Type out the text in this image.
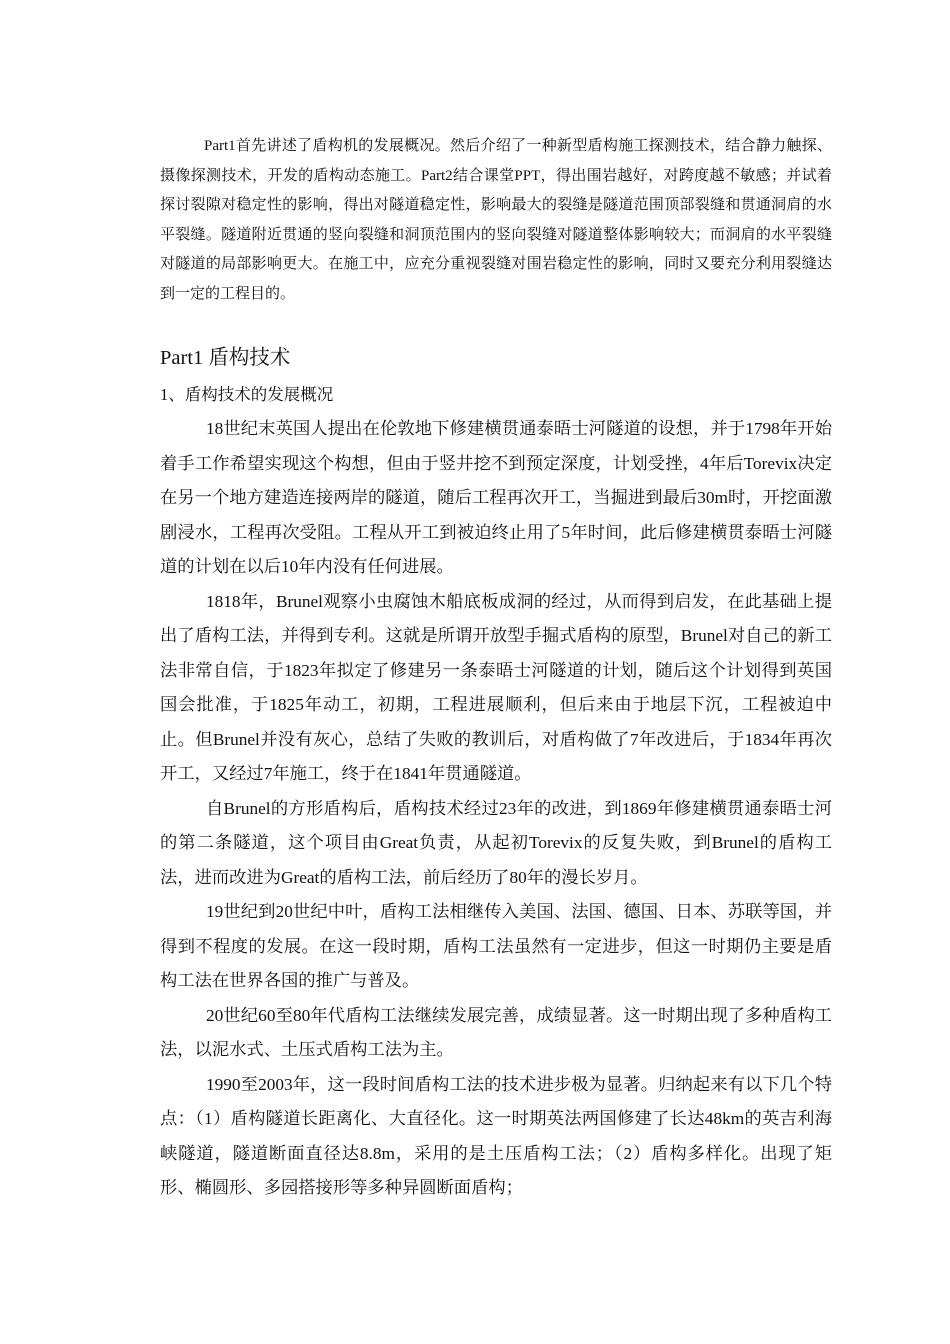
Part1首先讲述了盾构机的发展概况。然后介绍了一种新型盾构施工探测技术，结合静力触探、摄像探测技术，开发的盾构动态施工。Part2结合课堂PPT，得出围岩越好，对跨度越不敏感；并试着探讨裂隙对稳定性的影响，得出对隧道稳定性，影响最大的裂缝是隧道范围顶部裂缝和贯通洞肩的水平裂缝。隧道附近贯通的竖向裂缝和洞顶范围内的竖向裂缝对隧道整体影响较大；而洞肩的水平裂缝对隧道的局部影响更大。在施工中，应充分重视裂缝对围岩稳定性的影响，同时又要充分利用裂缝达到一定的工程目的。

Part1 盾构技术
1、盾构技术的发展概况

18世纪末英国人提出在伦敦地下修建横贯通泰晤士河隧道的设想，并于1798年开始着手工作希望实现这个构想，但由于竖井挖不到预定深度，计划受挫，4年后Torevix决定在另一个地方建造连接两岸的隧道，随后工程再次开工，当掘进到最后30m时，开挖面激剧浸水，工程再次受阻。工程从开工到被迫终止用了5年时间，此后修建横贯泰晤士河隧道的计划在以后10年内没有任何进展。

1818年，Brunel观察小虫腐蚀木船底板成洞的经过，从而得到启发，在此基础上提出了盾构工法，并得到专利。这就是所谓开放型手掘式盾构的原型，Brunel对自己的新工法非常自信，于1823年拟定了修建另一条泰晤士河隧道的计划，随后这个计划得到英国国会批准，于1825年动工，初期，工程进展顺利，但后来由于地层下沉，工程被迫中止。但Brunel并没有灰心，总结了失败的教训后，对盾构做了7年改进后，于1834年再次开工，又经过7年施工，终于在1841年贯通隧道。

自Brunel的方形盾构后，盾构技术经过23年的改进，到1869年修建横贯通泰晤士河的第二条隧道，这个项目由Great负责，从起初Torevix的反复失败，到Brunel的盾构工法，进而改进为Great的盾构工法，前后经历了80年的漫长岁月。

19世纪到20世纪中叶，盾构工法相继传入美国、法国、德国、日本、苏联等国，并得到不程度的发展。在这一段时期，盾构工法虽然有一定进步，但这一时期仍主要是盾构工法在世界各国的推广与普及。

20世纪60至80年代盾构工法继续发展完善，成绩显著。这一时期出现了多种盾构工法，以泥水式、土压式盾构工法为主。

1990至2003年，这一段时间盾构工法的技术进步极为显著。归纳起来有以下几个特点：（1）盾构隧道长距离化、大直径化。这一时期英法两国修建了长达48km的英吉利海峡隧道，隧道断面直径达8.8m，采用的是土压盾构工法；（2）盾构多样化。出现了矩形、椭圆形、多园搭接形等多种异圆断面盾构；
